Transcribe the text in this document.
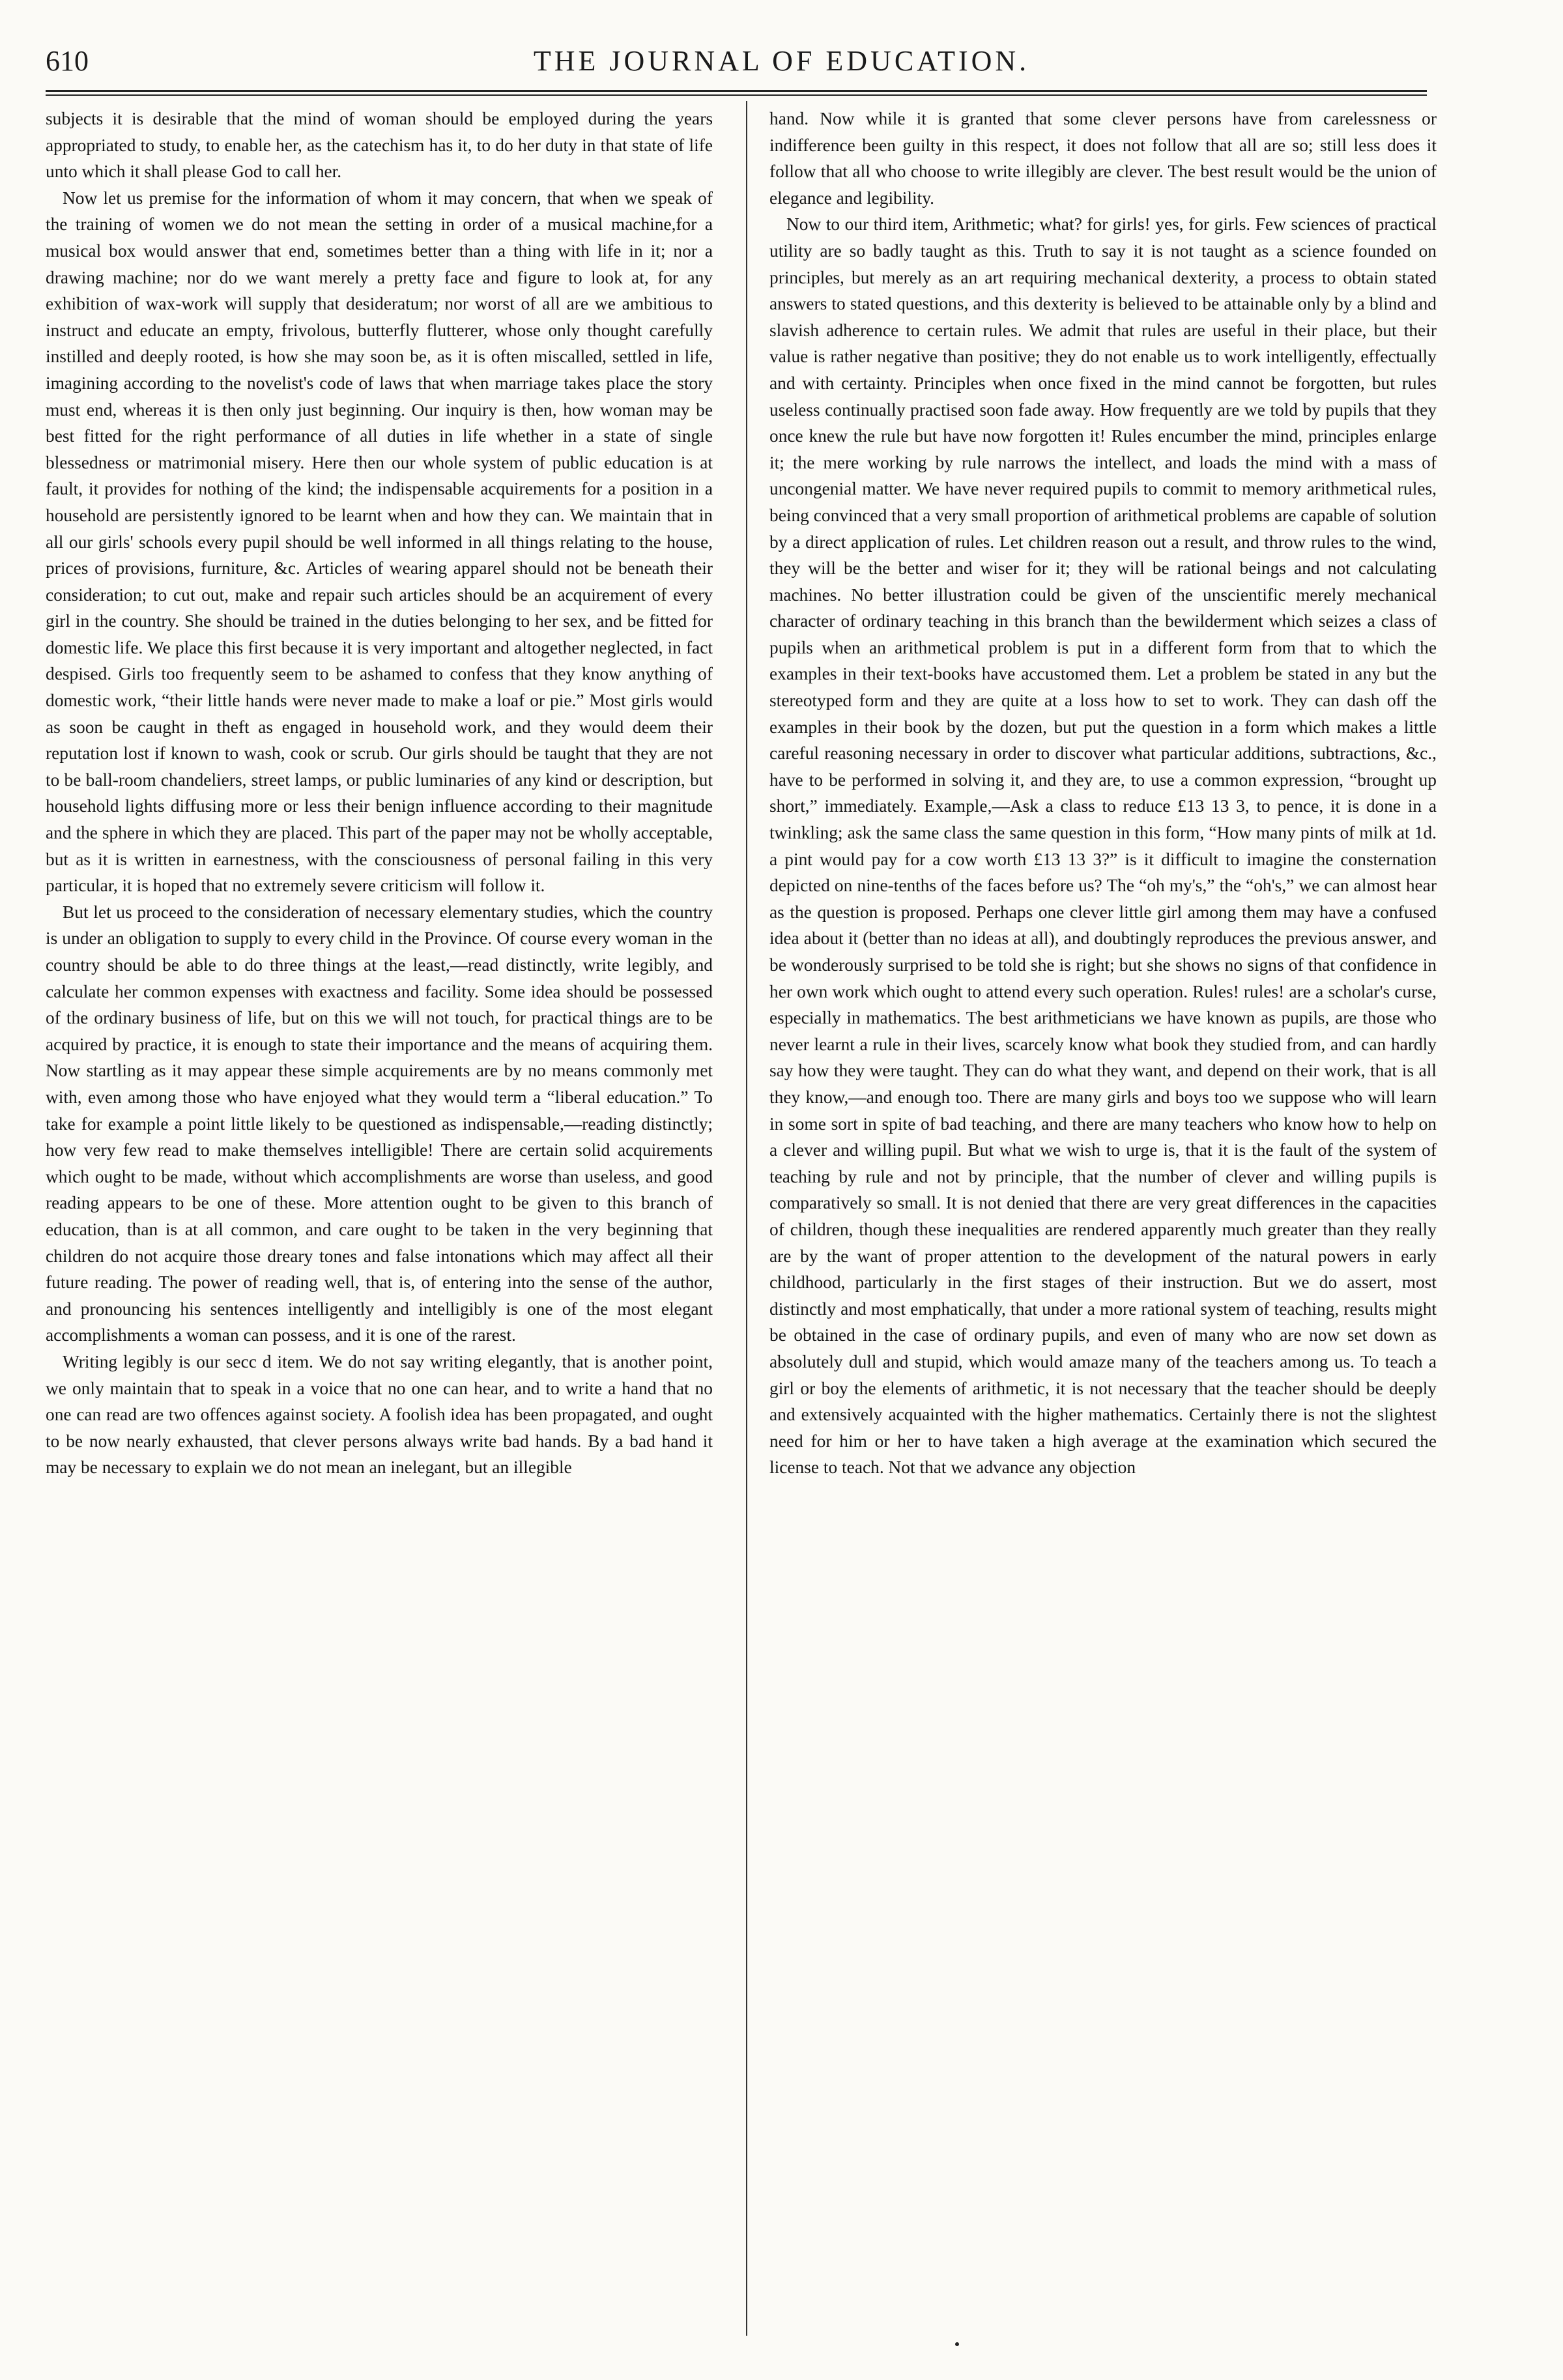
610	THE JOURNAL OF EDUCATION.

subjects it is desirable that the mind of woman should be employed during the years appropriated to study, to enable her, as the catechism has it, to do her duty in that state of life unto which it shall please God to call her.

Now let us premise for the information of whom it may concern, that when we speak of the training of women we do not mean the setting in order of a musical machine,for a musical box would answer that end, sometimes better than a thing with life in it; nor a drawing machine; nor do we want merely a pretty face and figure to look at, for any exhibition of wax-work will supply that desideratum; nor worst of all are we ambitious to instruct and educate an empty, frivolous, butterfly flutterer, whose only thought carefully instilled and deeply rooted, is how she may soon be, as it is often miscalled, settled in life, imagining according to the novelist's code of laws that when marriage takes place the story must end, whereas it is then only just beginning. Our inquiry is then, how woman may be best fitted for the right performance of all duties in life whether in a state of single blessedness or matrimonial misery. Here then our whole system of public education is at fault, it provides for nothing of the kind; the indispensable acquirements for a position in a household are persistently ignored to be learnt when and how they can. We maintain that in all our girls' schools every pupil should be well informed in all things relating to the house, prices of provisions, furniture, &c. Articles of wearing apparel should not be beneath their consideration; to cut out, make and repair such articles should be an acquirement of every girl in the country. She should be trained in the duties belonging to her sex, and be fitted for domestic life. We place this first because it is very important and altogether neglected, in fact despised. Girls too frequently seem to be ashamed to confess that they know anything of domestic work, “their little hands were never made to make a loaf or pie.” Most girls would as soon be caught in theft as engaged in household work, and they would deem their reputation lost if known to wash, cook or scrub. Our girls should be taught that they are not to be ball-room chandeliers, street lamps, or public luminaries of any kind or description, but household lights diffusing more or less their benign influence according to their magnitude and the sphere in which they are placed. This part of the paper may not be wholly acceptable, but as it is written in earnestness, with the consciousness of personal failing in this very particular, it is hoped that no extremely severe criticism will follow it.

But let us proceed to the consideration of necessary elementary studies, which the country is under an obligation to supply to every child in the Province. Of course every woman in the country should be able to do three things at the least,—read distinctly, write legibly, and calculate her common expenses with exactness and facility. Some idea should be possessed of the ordinary business of life, but on this we will not touch, for practical things are to be acquired by practice, it is enough to state their importance and the means of acquiring them. Now startling as it may appear these simple acquirements are by no means commonly met with, even among those who have enjoyed what they would term a “liberal education.” To take for example a point little likely to be questioned as indispensable,—reading distinctly; how very few read to make themselves intelligible! There are certain solid acquirements which ought to be made, without which accomplishments are worse than useless, and good reading appears to be one of these. More attention ought to be given to this branch of education, than is at all common, and care ought to be taken in the very beginning that children do not acquire those dreary tones and false intonations which may affect all their future reading. The power of reading well, that is, of entering into the sense of the author, and pronouncing his sentences intelligently and intelligibly is one of the most elegant accomplishments a woman can possess, and it is one of the rarest.

Writing legibly is our secc d item. We do not say writing elegantly, that is another point, we only maintain that to speak in a voice that no one can hear, and to write a hand that no one can read are two offences against society. A foolish idea has been propagated, and ought to be now nearly exhausted, that clever persons always write bad hands. By a bad hand it may be necessary to explain we do not mean an inelegant, but an illegible

hand. Now while it is granted that some clever persons have from carelessness or indifference been guilty in this respect, it does not follow that all are so; still less does it follow that all who choose to write illegibly are clever. The best result would be the union of elegance and legibility.

Now to our third item, Arithmetic; what? for girls! yes, for girls. Few sciences of practical utility are so badly taught as this. Truth to say it is not taught as a science founded on principles, but merely as an art requiring mechanical dexterity, a process to obtain stated answers to stated questions, and this dexterity is believed to be attainable only by a blind and slavish adherence to certain rules. We admit that rules are useful in their place, but their value is rather negative than positive; they do not enable us to work intelligently, effectually and with certainty. Principles when once fixed in the mind cannot be forgotten, but rules useless continually practised soon fade away. How frequently are we told by pupils that they once knew the rule but have now forgotten it! Rules encumber the mind, principles enlarge it; the mere working by rule narrows the intellect, and loads the mind with a mass of uncongenial matter. We have never required pupils to commit to memory arithmetical rules, being convinced that a very small proportion of arithmetical problems are capable of solution by a direct application of rules. Let children reason out a result, and throw rules to the wind, they will be the better and wiser for it; they will be rational beings and not calculating machines. No better illustration could be given of the unscientific merely mechanical character of ordinary teaching in this branch than the bewilderment which seizes a class of pupils when an arithmetical problem is put in a different form from that to which the examples in their text-books have accustomed them. Let a problem be stated in any but the stereotyped form and they are quite at a loss how to set to work. They can dash off the examples in their book by the dozen, but put the question in a form which makes a little careful reasoning necessary in order to discover what particular additions, subtractions, &c., have to be performed in solving it, and they are, to use a common expression, “brought up short,” immediately. Example,—Ask a class to reduce £13 13 3, to pence, it is done in a twinkling; ask the same class the same question in this form, “How many pints of milk at 1d. a pint would pay for a cow worth £13 13 3?” is it difficult to imagine the consternation depicted on nine-tenths of the faces before us? The “oh my's,” the “oh's,” we can almost hear as the question is proposed. Perhaps one clever little girl among them may have a confused idea about it (better than no ideas at all), and doubtingly reproduces the previous answer, and be wonderously surprised to be told she is right; but she shows no signs of that confidence in her own work which ought to attend every such operation. Rules! rules! are a scholar's curse, especially in mathematics. The best arithmeticians we have known as pupils, are those who never learnt a rule in their lives, scarcely know what book they studied from, and can hardly say how they were taught. They can do what they want, and depend on their work, that is all they know,—and enough too. There are many girls and boys too we suppose who will learn in some sort in spite of bad teaching, and there are many teachers who know how to help on a clever and willing pupil. But what we wish to urge is, that it is the fault of the system of teaching by rule and not by principle, that the number of clever and willing pupils is comparatively so small. It is not denied that there are very great differences in the capacities of children, though these inequalities are rendered apparently much greater than they really are by the want of proper attention to the development of the natural powers in early childhood, particularly in the first stages of their instruction. But we do assert, most distinctly and most emphatically, that under a more rational system of teaching, results might be obtained in the case of ordinary pupils, and even of many who are now set down as absolutely dull and stupid, which would amaze many of the teachers among us. To teach a girl or boy the elements of arithmetic, it is not necessary that the teacher should be deeply and extensively acquainted with the higher mathematics. Certainly there is not the slightest need for him or her to have taken a high average at the examination which secured the license to teach. Not that we advance any objection
